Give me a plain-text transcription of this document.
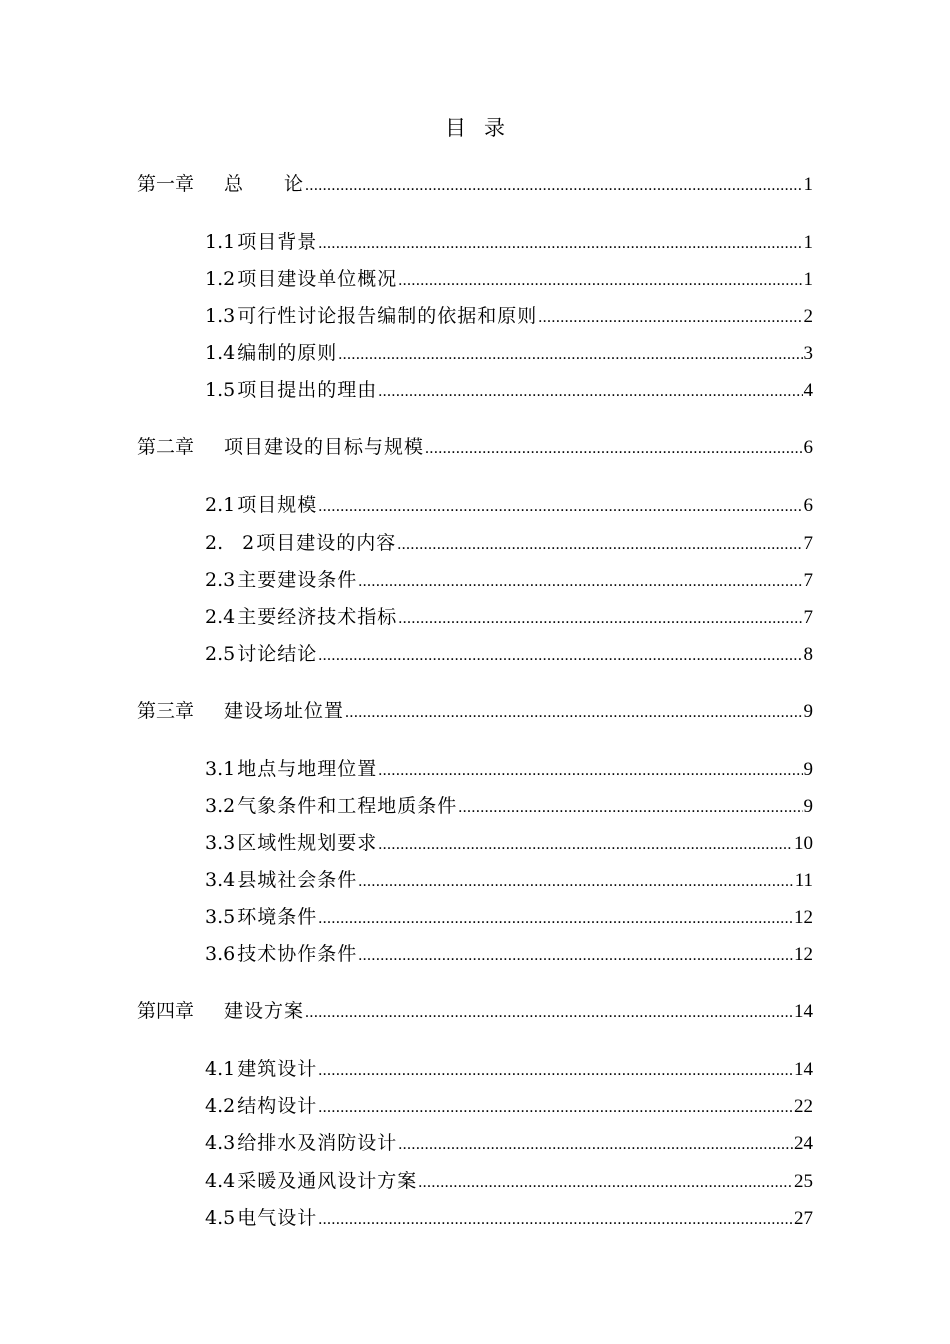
目 录
第一章 总　　论 .....	1
1.1 项目背景 .....	1
1.2 项目建设单位概况 .....	1
1.3 可行性讨论报告编制的依据和原则 .....	2
1.4 编制的原则 .....	3
1.5 项目提出的理由 .....	4
第二章 项目建设的目标与规模 .....	6
2.1 项目规模 .....	6
2.　2 项目建设的内容 .....	7
2.3 主要建设条件 .....	7
2.4 主要经济技术指标 .....	7
2.5 讨论结论 .....	8
第三章 建设场址位置 .....	9
3.1 地点与地理位置 .....	9
3.2 气象条件和工程地质条件 .....	9
3.3 区域性规划要求 .....	10
3.4 县城社会条件 .....	11
3.5 环境条件 .....	12
3.6 技术协作条件 .....	12
第四章 建设方案 .....	14
4.1 建筑设计 .....	14
4.2 结构设计 .....	22
4.3 给排水及消防设计 .....	24
4.4 采暖及通风设计方案 .....	25
4.5 电气设计 .....	27
